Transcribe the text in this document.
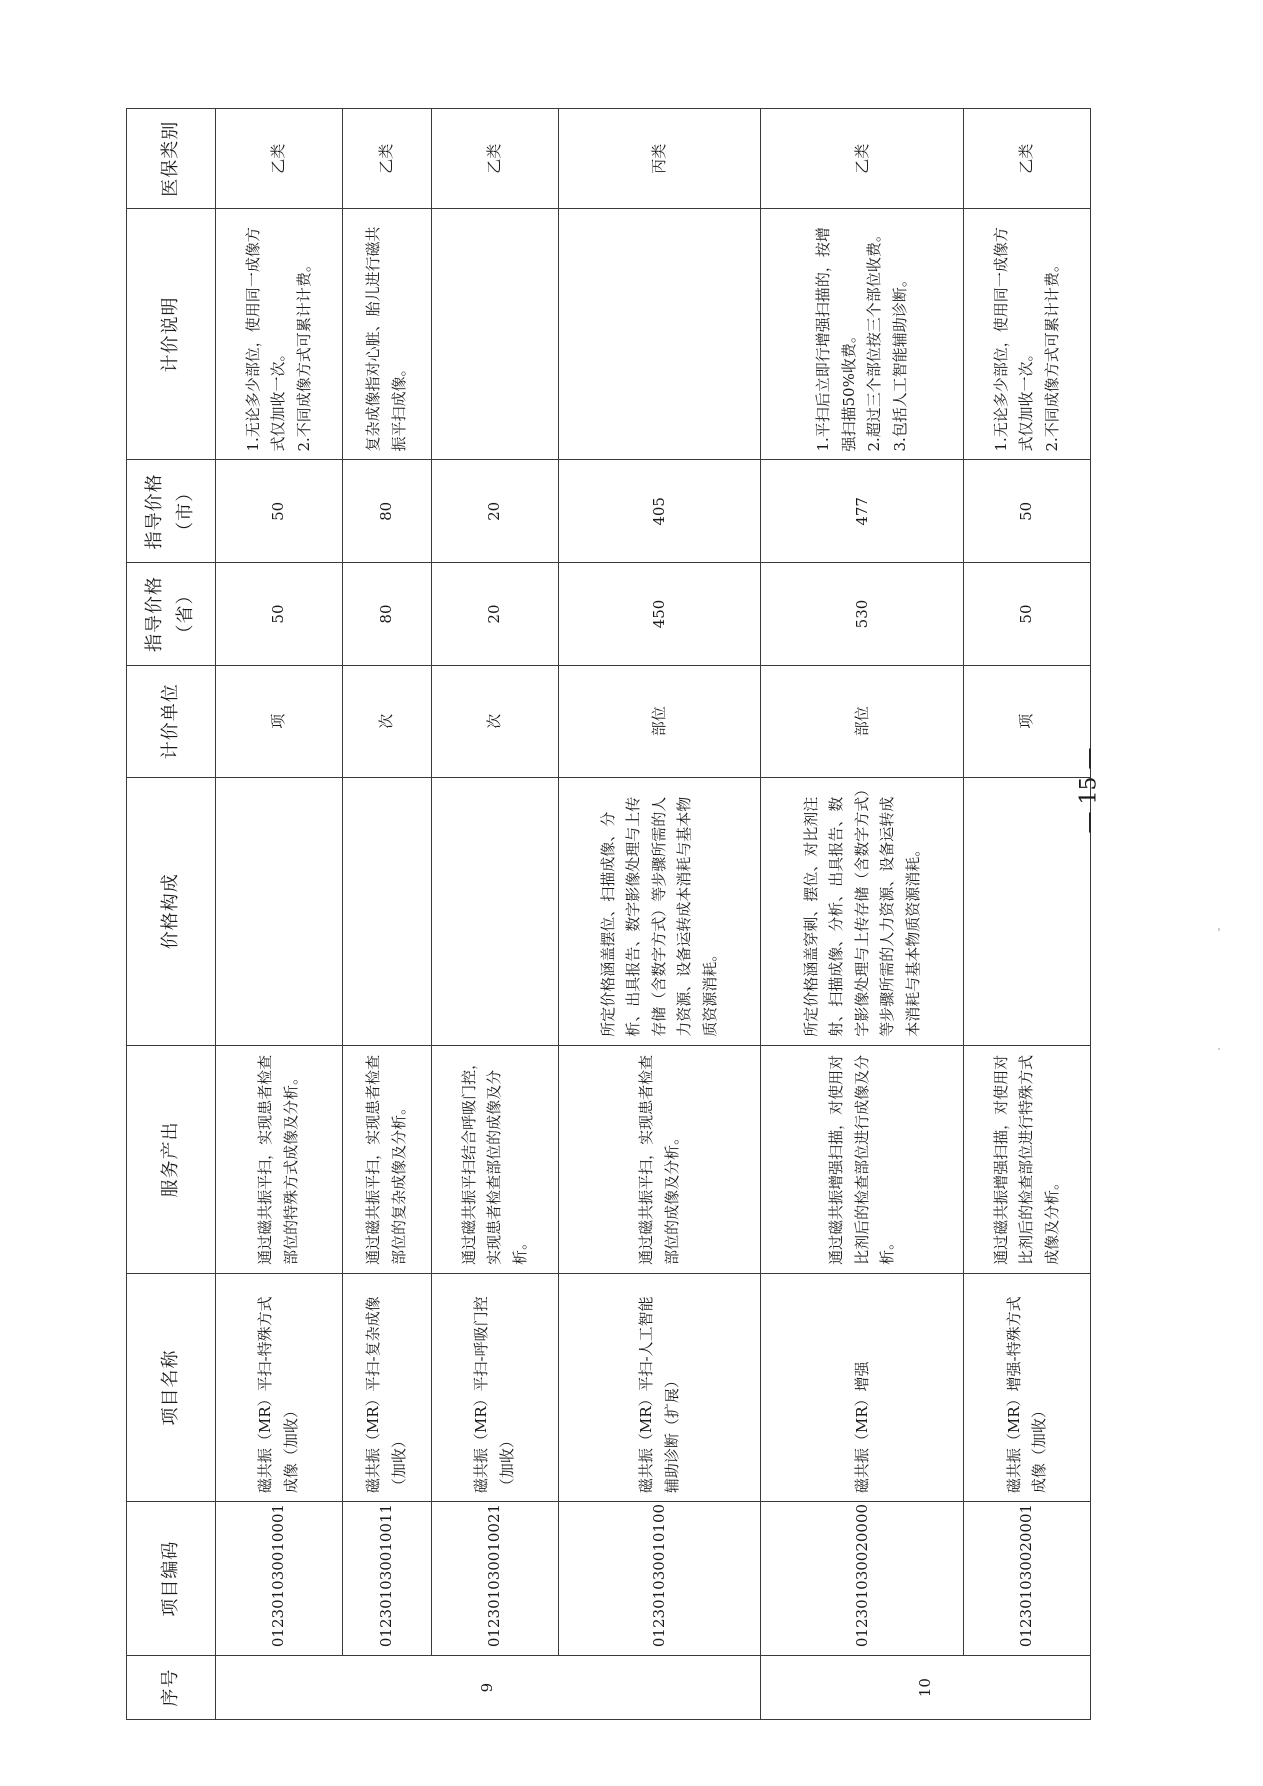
序号	项目编码	项目名称	服务产出	价格构成	计价单位	指导价格（省）	指导价格（市）	计价说明	医保类别
9	012301030010001	磁共振（MR）平扫-特殊方式成像（加收）	通过磁共振平扫，实现患者检查部位的特殊方式成像及分析。		项	50	50	1.无论多少部位，使用同一成像方式仅加收一次。 2.不同成像方式可累计计费。	乙类
	012301030010011	磁共振（MR）平扫-复杂成像（加收）	通过磁共振平扫，实现患者检查部位的复杂成像及分析。		次	80	80	复杂成像指对心脏、胎儿进行磁共振平扫成像。	乙类
	012301030010021	磁共振（MR）平扫-呼吸门控（加收）	通过磁共振平扫结合呼吸门控，实现患者检查部位的成像及分析。		次	20	20		乙类
	012301030010100	磁共振（MR）平扫-人工智能辅助诊断（扩展）	通过磁共振平扫，实现患者检查部位的成像及分析。	所定价格涵盖摆位、扫描成像、分析、出具报告、数字影像处理与上传存储（含数字方式）等步骤所需的人力资源、设备运转成本消耗与基本物质资源消耗。	部位	450	405		丙类
10	012301030020000	磁共振（MR）增强	通过磁共振增强扫描，对使用对比剂后的检查部位进行成像及分析。	所定价格涵盖穿刺、摆位、对比剂注射、扫描成像、分析、出具报告、数字影像处理与上传存储（含数字方式）等步骤所需的人力资源、设备运转成本消耗与基本物质资源消耗。	部位	530	477	1.平扫后立即行增强扫描的，按增强扫描50%收费。 2.超过三个部位按三个部位收费。 3.包括人工智能辅助诊断。	乙类
	012301030020001	磁共振（MR）增强-特殊方式成像（加收）	通过磁共振增强扫描，对使用对比剂后的检查部位进行特殊方式成像及分析。		项	50	50	1.无论多少部位，使用同一成像方式仅加收一次。 2.不同成像方式可累计计费。	乙类
— 15 —
